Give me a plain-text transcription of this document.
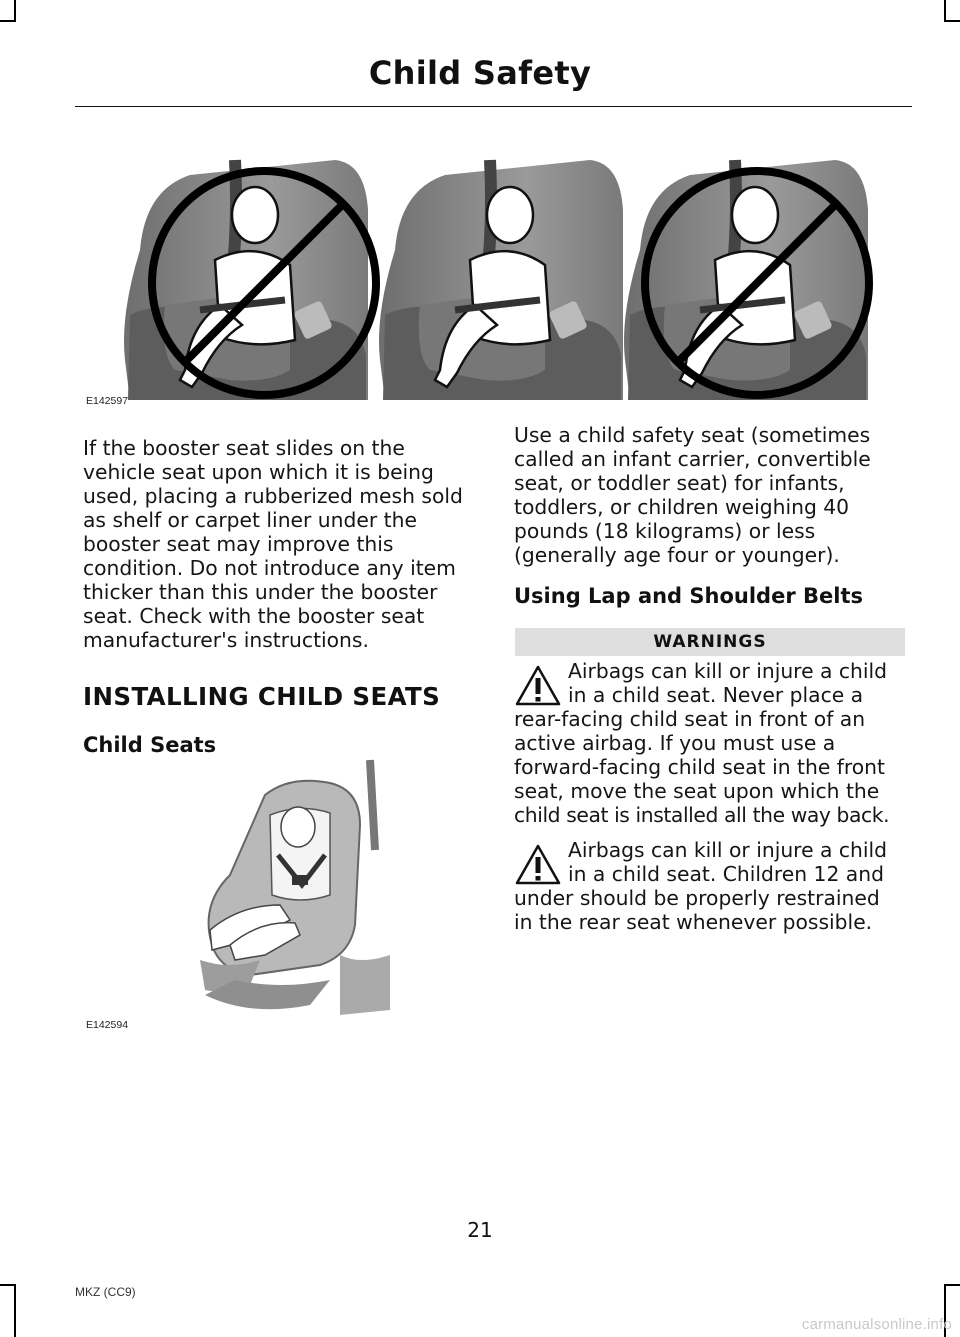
Child Safety
E142597

If the booster seat slides on the

vehicle seat upon which it is being

used, placing a rubberized mesh sold

as shelf or carpet liner under the

booster seat may improve this

condition. Do not introduce any item

thicker than this under the booster

seat. Check with the booster seat

manufacturer's instructions.

INSTALLING CHILD SEATS
Child Seats
E142594

Use a child safety seat (sometimes

called an infant carrier, convertible

seat, or toddler seat) for infants,

toddlers, or children weighing 40

pounds (18 kilograms) or less

(generally age four or younger).

Using Lap and Shoulder Belts
WARNINGS

Airbags can kill or injure a child

in a child seat. Never place a

rear-facing child seat in front of an

active airbag. If you must use a

forward-facing child seat in the front

seat, move the seat upon which the

child seat is installed all the way back.

Airbags can kill or injure a child

in a child seat. Children 12 and

under should be properly restrained

in the rear seat whenever possible.

21
MKZ (CC9)
carmanualsonline.info
